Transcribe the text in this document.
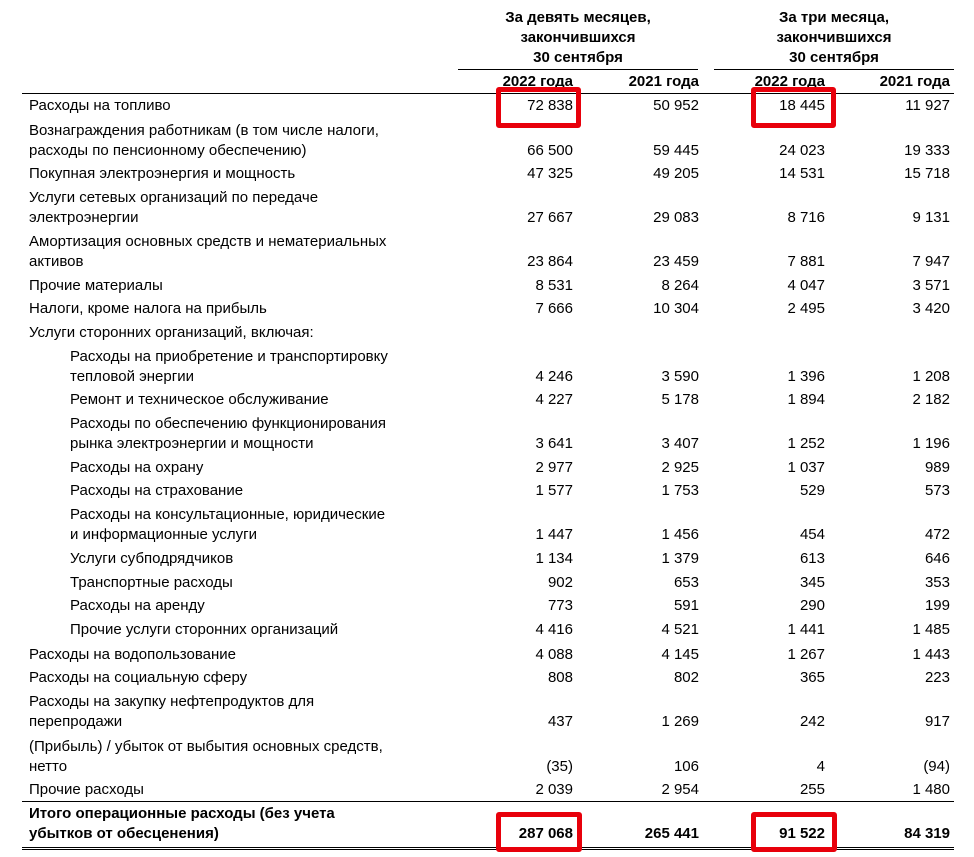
За девять месяцев,
закончившихся
30 сентября
За три месяца,
закончившихся
30 сентября
2022 года	2021 года	2022 года	2021 года
Расходы на топливо	72 838	50 952	18 445	11 927
Вознаграждения работникам (в том числе налоги,
расходы по пенсионному обеспечению)	66 500	59 445	24 023	19 333
Покупная электроэнергия и мощность	47 325	49 205	14 531	15 718
Услуги сетевых организаций по передаче
электроэнергии	27 667	29 083	8 716	9 131
Амортизация основных средств и нематериальных
активов	23 864	23 459	7 881	7 947
Прочие материалы	8 531	8 264	4 047	3 571
Налоги, кроме налога на прибыль	7 666	10 304	2 495	3 420
Услуги сторонних организаций, включая:
Расходы на приобретение и транспортировку
тепловой энергии	4 246	3 590	1 396	1 208
Ремонт и техническое обслуживание	4 227	5 178	1 894	2 182
Расходы по обеспечению функционирования
рынка электроэнергии и мощности	3 641	3 407	1 252	1 196
Расходы на охрану	2 977	2 925	1 037	989
Расходы на страхование	1 577	1 753	529	573
Расходы на консультационные, юридические
и информационные услуги	1 447	1 456	454	472
Услуги субподрядчиков	1 134	1 379	613	646
Транспортные расходы	902	653	345	353
Расходы на аренду	773	591	290	199
Прочие услуги сторонних организаций	4 416	4 521	1 441	1 485
Расходы на водопользование	4 088	4 145	1 267	1 443
Расходы на социальную сферу	808	802	365	223
Расходы на закупку нефтепродуктов для
перепродажи	437	1 269	242	917
(Прибыль) / убыток от выбытия основных средств,
нетто	(35)	106	4	(94)
Прочие расходы	2 039	2 954	255	1 480
Итого операционные расходы (без учета
убытков от обесценения)	287 068	265 441	91 522	84 319
